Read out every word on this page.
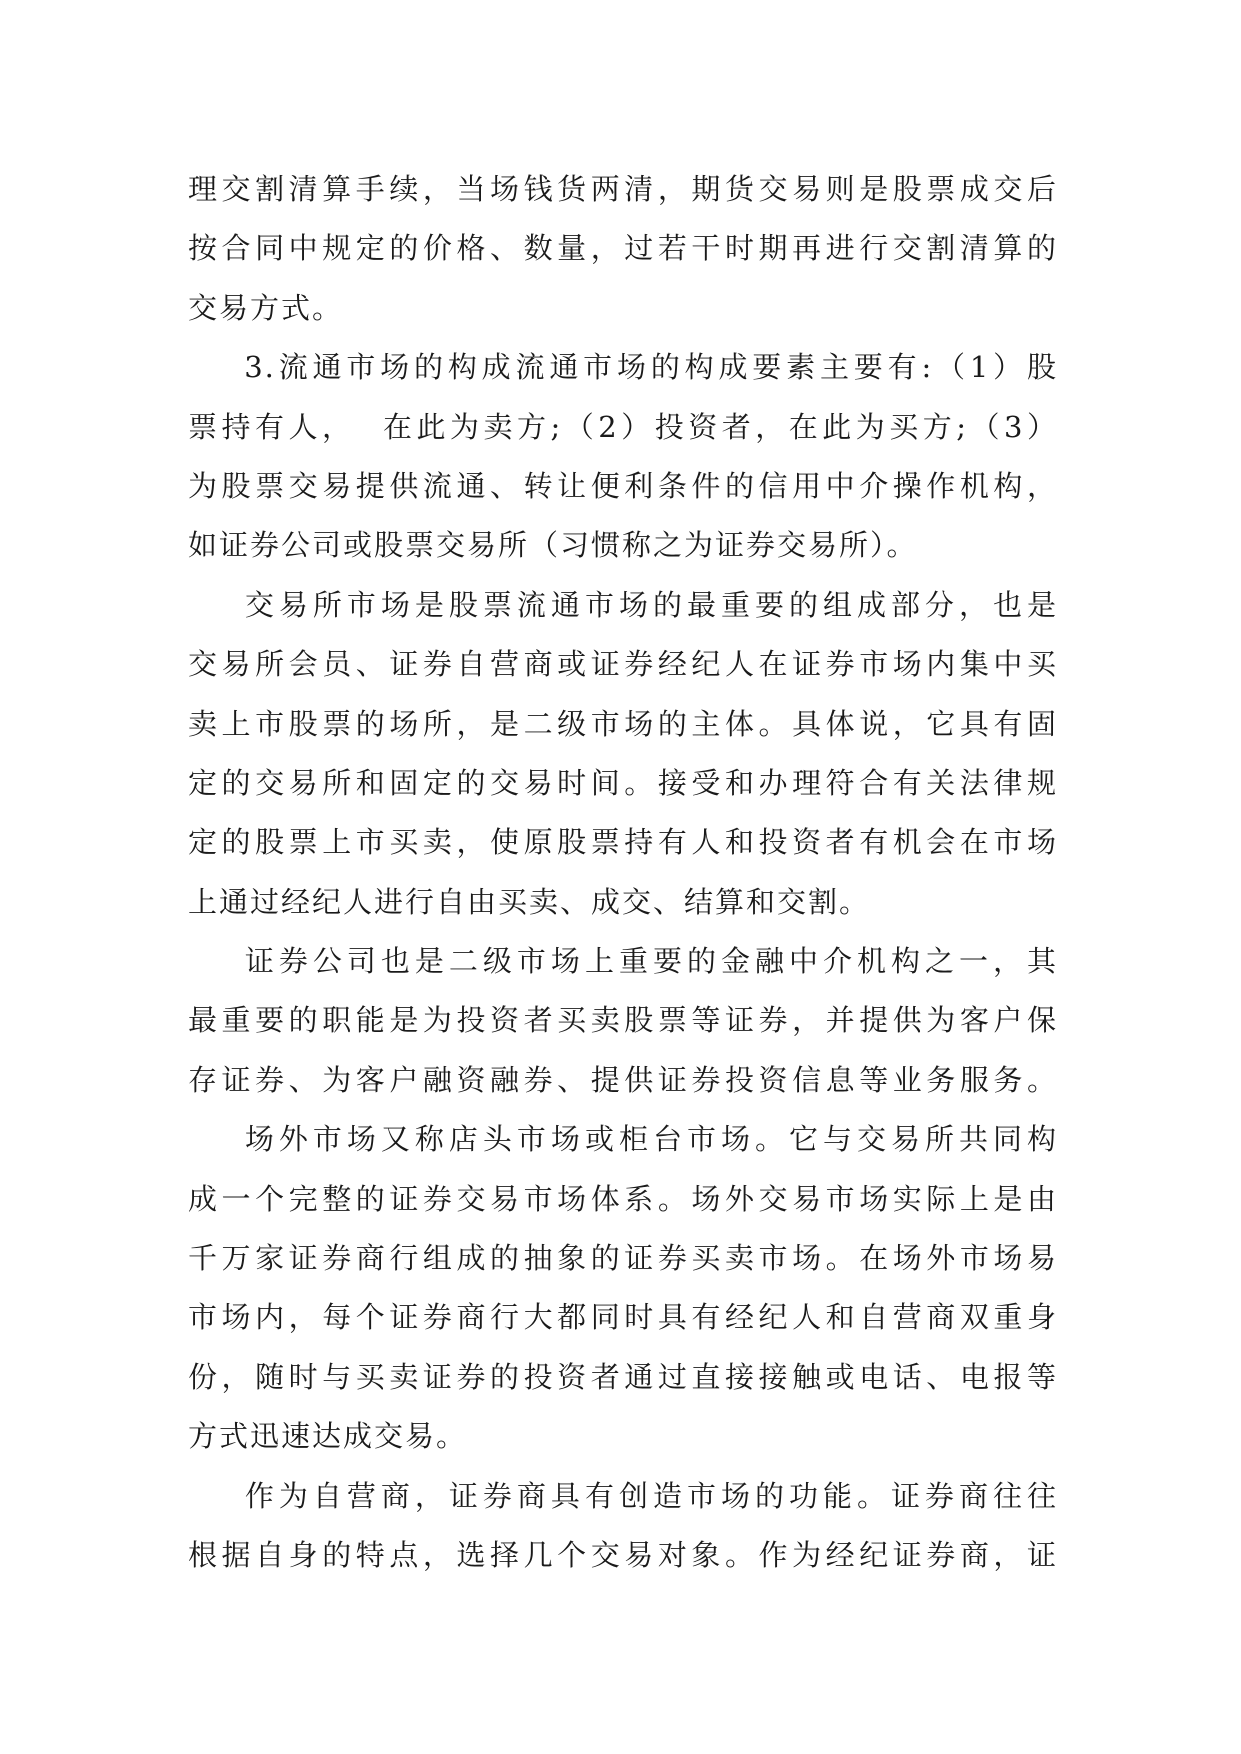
理交割清算手续，当场钱货两清，期货交易则是股票成交后
按合同中规定的价格、数量，过若干时期再进行交割清算的
交易方式。
3.流通市场的构成流通市场的构成要素主要有:（1）股
票持有人，  在此为卖方;（2）投资者，在此为买方;（3）
为股票交易提供流通、转让便利条件的信用中介操作机构，
如证券公司或股票交易所（习惯称之为证券交易所）。
交易所市场是股票流通市场的最重要的组成部分，也是
交易所会员、证券自营商或证券经纪人在证券市场内集中买
卖上市股票的场所，是二级市场的主体。具体说，它具有固
定的交易所和固定的交易时间。接受和办理符合有关法律规
定的股票上市买卖，使原股票持有人和投资者有机会在市场
上通过经纪人进行自由买卖、成交、结算和交割。
证券公司也是二级市场上重要的金融中介机构之一，其
最重要的职能是为投资者买卖股票等证券，并提供为客户保
存证券、为客户融资融券、提供证券投资信息等业务服务。
场外市场又称店头市场或柜台市场。它与交易所共同构
成一个完整的证券交易市场体系。场外交易市场实际上是由
千万家证券商行组成的抽象的证券买卖市场。在场外市场易
市场内，每个证券商行大都同时具有经纪人和自营商双重身
份，随时与买卖证券的投资者通过直接接触或电话、电报等
方式迅速达成交易。
作为自营商，证券商具有创造市场的功能。证券商往往
根据自身的特点，选择几个交易对象。作为经纪证券商，证
